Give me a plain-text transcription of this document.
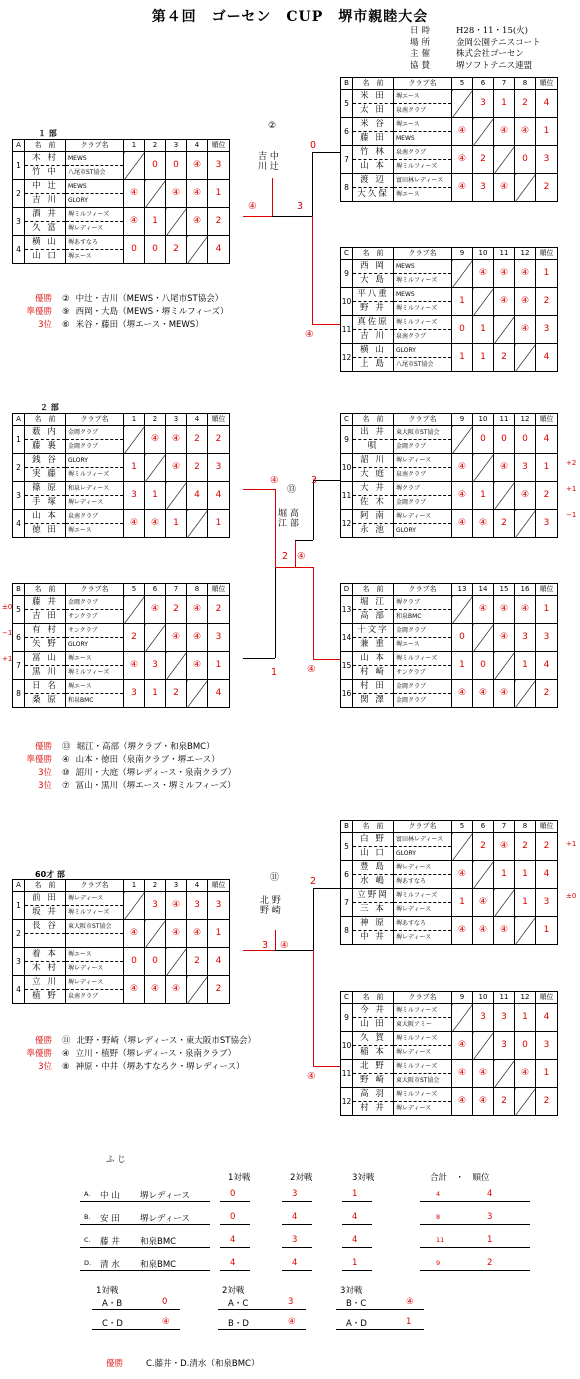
第４回　ゴーセン　CUP　堺市親睦大会
日時	H28・11・15(火)
場所	金岡公園テニスコート
主催	株式会社ゴーセン
協賛	堺ソフトテニス連盟
A	名　前	クラブ名	1	2	3	4	順位
1	木 村	MEWS		0	0	④	3
	竹 中	八尾市ST協会					
2	中 辻	MEWS	④		④	④	1
	吉 川	GLORY					
3	酒 井	堺ミルフィーズ	④	1		④	2
	久 富	堺レディース					
4	横 山	堺あすなろ	0	0	2		4
	山 口	堺エース					
B	名　前	クラブ名	5	6	7	8	順位
5	米 田	堺エース		3	1	2	4
	太 田	泉南クラブ					
6	米 谷	堺エース	④		④	④	1
	藤 田	MEWS					
7	竹 林	泉南クラブ	④	2		0	3
	山 本	堺ミルフィーズ					
8	渡 辺	富田林レディース	④	3	④		2
	大久保	堺エース					
C	名　前	クラブ名	9	10	11	12	順位
9	西 岡	MEWS		④	④	④	1
	大 島	堺ミルフィーズ					
10	平八重	MEWS	1		④	④	2
	野 井	堺ミルフィーズ					
11	真佐原	堺ミルフィーズ	0	1		④	3
	吉 川	泉南クラブ					
12	横 山	GLORY	1	1	2		4
	上 島	八尾市ST協会					
A	名　前	クラブ名	1	2	3	4	順位
1	薮 内	金岡クラブ		④	④	2	2
	藤 裏	金岡クラブ					
2	銭 谷	GLORY	1		④	2	3
	実 藤	堺ミルフィーズ					
3	篠 原	和泉レディース	3	1		4	4
	手 塚	堺レディース					
4	山 本	泉南クラブ	④	④	1		1
	徳 田	堺エース					
B	名　前	クラブ名	5	6	7	8	順位
5	藤 井	金岡クラブ		④	2	④	2
	吉 田	サンクラブ					
6	有 村	サンクラブ	2		④	④	3
	矢 野	GLORY					
7	冨 山	堺エース	④	3		④	1
	黒 川	堺ミルフィーズ					
8	日 名	堺エース	3	1	2		4
	桑 原	和泉BMC					
C	名　前	クラブ名	9	10	11	12	順位
9	出 井	東大阪市ST協会		0	0	0	4
	唄	金岡クラブ					
10	詔 川	堺レディース	④		④	3	1
	大 庭	泉南クラブ					
11	大 井	堺クラブ	④	1		④	2
	佐 木	金岡クラブ					
12	阿 南	堺レディース	④	④	2		3
	永 池	GLORY					
D	名　前	クラブ名	13	14	15	16	順位
13	堀 江	堺クラブ		④	④	④	1
	高 部	和泉BMC					
14	十文字	金岡クラブ	0		④	3	3
	兼 重	堺エース					
15	山 本	堺ミルフィーズ	1	0		1	4
	村 崎	サンクラブ					
16	村 田	金岡クラブ	④	④	④		2
	関 澤	金岡クラブ					
A	名　前	クラブ名	1	2	3	4	順位
1	前 田	堺レディース		3	④	3	3
	坂 井	堺ミルフィーズ					
2	長 谷	東大阪市ST協会	④		④	④	1

3	着 本	堺エース	0	0		2	4
	木 村	堺レディース					
4	立 川	堺レディース	④	④	④		2
	植 野	泉南クラブ					
B	名　前	クラブ名	5	6	7	8	順位
5	白 野	富田林レディース		2	④	2	2
	山 口	GLORY					
6	豊 島	堺レディース	④		1	1	4
	水 嶋	堺あすなろ					
7	立野岡	堺ミルフィーズ	1	④		1	3
	三 本	堺レディース					
8	神 原	堺あすなろ	④	④	④		1
	中 井	堺レディース					
C	名　前	クラブ名	9	10	11	12	順位
9	今 井	堺ミルフィーズ		3	3	1	4
	山 田	東大阪アミー					
10	久 賀	堺ミルフィーズ	④		3	0	3
	稲 本	堺レディース					
11	北 野	堺ミルフィーズ	④	④		④	1
	野 崎	東大阪市ST協会					
12	高 羽	堺ミルフィーズ	④	④	2		2
	村 井	堺レディース					
１ 部
２ 部
60才 部
②
吉 中
川 辻
④
0
3
④
⑬
堀 高
江 部
④	3
2 ④
1	④
⑪
北 野
野 崎
2
3 ④
④
優勝 ② 中辻・吉川（MEWS・八尾市ST協会）
準優勝 ⑨ 西岡・大島（MEWS・堺ミルフィーズ）
3位 ⑥ 米谷・藤田（堺エース・MEWS）
優勝 ⑬ 堀江・高部（堺クラブ・和泉BMC）
準優勝 ④ 山本・徳田（泉南クラブ・堺エース）
3位 ⑩ 詔川・大庭（堺レディース・泉南クラブ）
3位 ⑦ 冨山・黒川（堺エース・堺ミルフィーズ）
優勝 ⑪ 北野・野崎（堺レディース・東大阪市ST協会）
準優勝 ④ 立川・植野（堺レディース・泉南クラブ）
3位 ⑧ 神原・中井（堺あすなろク・堺レディース）
+2
+1
−1
±0
−1
+1
+1
±0
ふ じ
1対戦	2対戦	3対戦	合計　・　順位
A. 中 山 堺レディース	0	3	1	4	4
B. 安 田 堺レディース	0	4	4	8	3
C. 藤 井 和泉BMC	4	3	4	11	1
D. 清 水 和泉BMC	4	4	1	9	2
1対戦
A・B	0
C・D	④
2対戦
A・C	3
B・D	④
3対戦
B・C	④
A・D	1
優勝	C.藤井・D.清水（和泉BMC）
